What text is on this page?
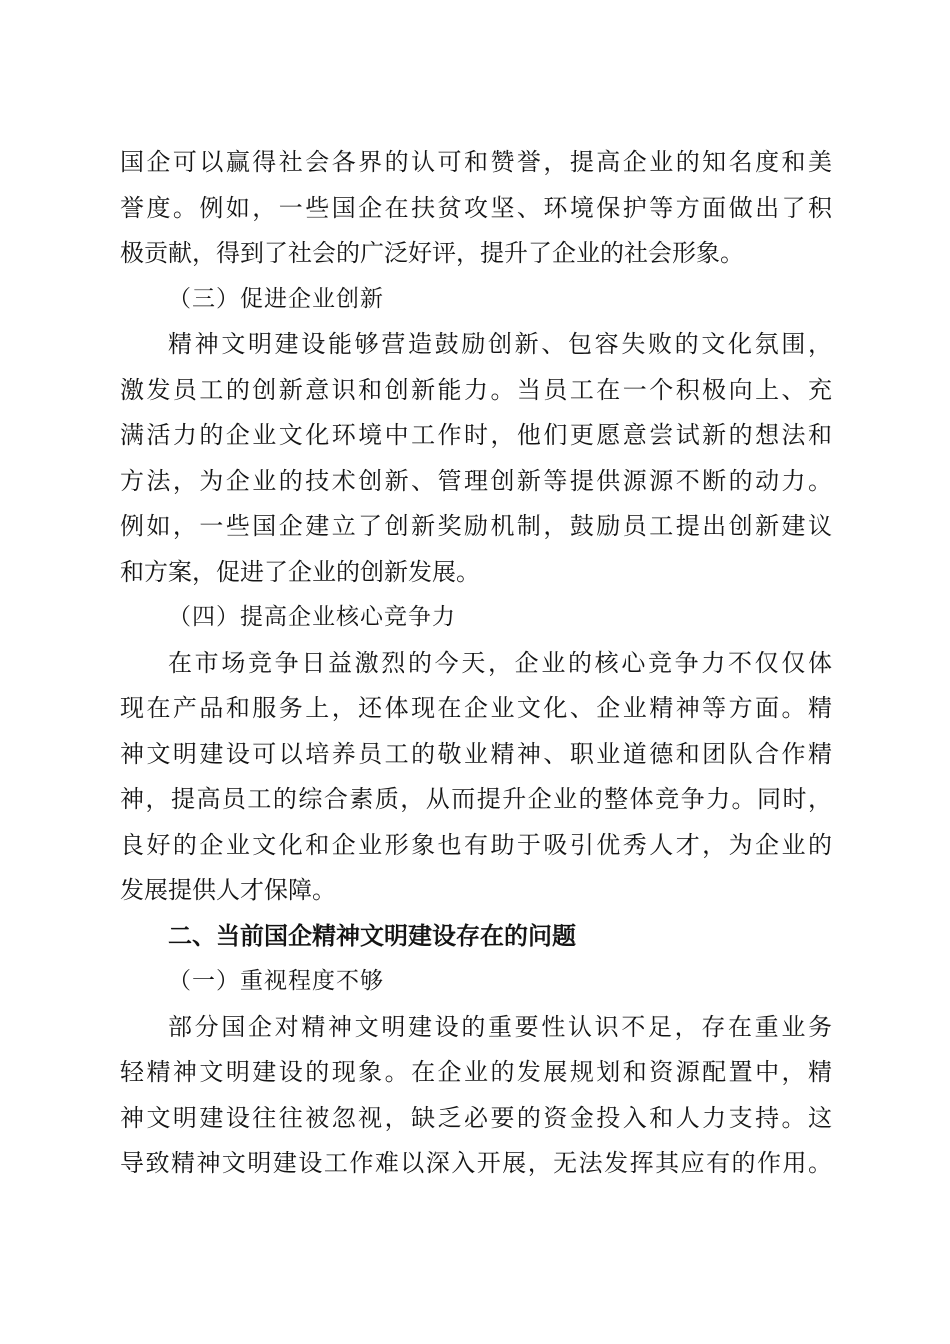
国企可以赢得社会各界的认可和赞誉，提高企业的知名度和美
誉度。例如，一些国企在扶贫攻坚、环境保护等方面做出了积
极贡献，得到了社会的广泛好评，提升了企业的社会形象。
（三）促进企业创新
精神文明建设能够营造鼓励创新、包容失败的文化氛围，
激发员工的创新意识和创新能力。当员工在一个积极向上、充
满活力的企业文化环境中工作时，他们更愿意尝试新的想法和
方法，为企业的技术创新、管理创新等提供源源不断的动力。
例如，一些国企建立了创新奖励机制，鼓励员工提出创新建议
和方案，促进了企业的创新发展。
（四）提高企业核心竞争力
在市场竞争日益激烈的今天，企业的核心竞争力不仅仅体
现在产品和服务上，还体现在企业文化、企业精神等方面。精
神文明建设可以培养员工的敬业精神、职业道德和团队合作精
神，提高员工的综合素质，从而提升企业的整体竞争力。同时，
良好的企业文化和企业形象也有助于吸引优秀人才，为企业的
发展提供人才保障。
二、当前国企精神文明建设存在的问题
（一）重视程度不够
部分国企对精神文明建设的重要性认识不足，存在重业务
轻精神文明建设的现象。在企业的发展规划和资源配置中，精
神文明建设往往被忽视，缺乏必要的资金投入和人力支持。这
导致精神文明建设工作难以深入开展，无法发挥其应有的作用。
